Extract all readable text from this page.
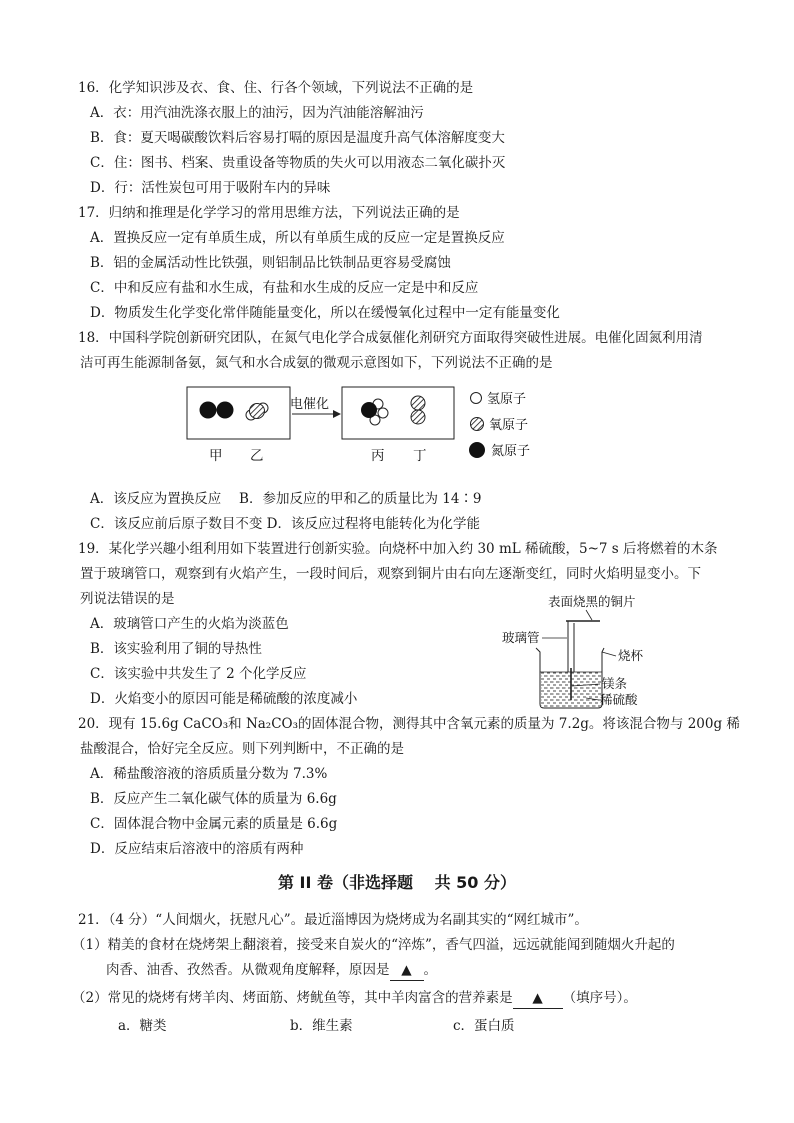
16．化学知识涉及衣、食、住、行各个领域，下列说法不正确的是
A．衣：用汽油洗涤衣服上的油污，因为汽油能溶解油污
B．食：夏天喝碳酸饮料后容易打嗝的原因是温度升高气体溶解度变大
C．住：图书、档案、贵重设备等物质的失火可以用液态二氧化碳扑灭
D．行：活性炭包可用于吸附车内的异味
17．归纳和推理是化学学习的常用思维方法，下列说法正确的是
A．置换反应一定有单质生成，所以有单质生成的反应一定是置换反应
B．铝的金属活动性比铁强，则铝制品比铁制品更容易受腐蚀
C．中和反应有盐和水生成，有盐和水生成的反应一定是中和反应
D．物质发生化学变化常伴随能量变化，所以在缓慢氧化过程中一定有能量变化
18．中国科学院创新研究团队，在氮气电化学合成氨催化剂研究方面取得突破性进展。电催化固氮利用清
洁可再生能源制备氨，氮气和水合成氨的微观示意图如下，下列说法不正确的是
电催化
甲 乙	丙 丁
氢原子
氧原子
氮原子
A．该反应为置换反应　 B．参加反应的甲和乙的质量比为 14∶9
C．该反应前后原子数目不变 D．该反应过程将电能转化为化学能
19．某化学兴趣小组利用如下装置进行创新实验。向烧杯中加入约 30 mL 稀硫酸，5~7 s 后将燃着的木条
置于玻璃管口，观察到有火焰产生，一段时间后，观察到铜片由右向左逐渐变红，同时火焰明显变小。下
列说法错误的是
A．玻璃管口产生的火焰为淡蓝色
B．该实验利用了铜的导热性
C．该实验中共发生了 2 个化学反应
D．火焰变小的原因可能是稀硫酸的浓度减小
表面烧黑的铜片
玻璃管
烧杯
镁条
稀硫酸
20．现有 15.6g CaCO₃和 Na₂CO₃的固体混合物，测得其中含氧元素的质量为 7.2g。将该混合物与 200g 稀
盐酸混合，恰好完全反应。则下列判断中，不正确的是
A．稀盐酸溶液的溶质质量分数为 7.3%
B．反应产生二氧化碳气体的质量为 6.6g
C．固体混合物中金属元素的质量是 6.6g
D．反应结束后溶液中的溶质有两种
第 II 卷（非选择题　 共 50 分）
21．（4 分）“人间烟火，抚慰凡心”。最近淄博因为烧烤成为名副其实的“网红城市”。
（1）精美的食材在烧烤架上翻滚着，接受来自炭火的“淬炼”，香气四溢，远远就能闻到随烟火升起的
肉香、油香、孜然香。从微观角度解释，原因是 ▲ 。
（2）常见的烧烤有烤羊肉、烤面筋、烤鱿鱼等，其中羊肉富含的营养素是 ▲ （填序号）。
a．糖类	b．维生素	c．蛋白质
